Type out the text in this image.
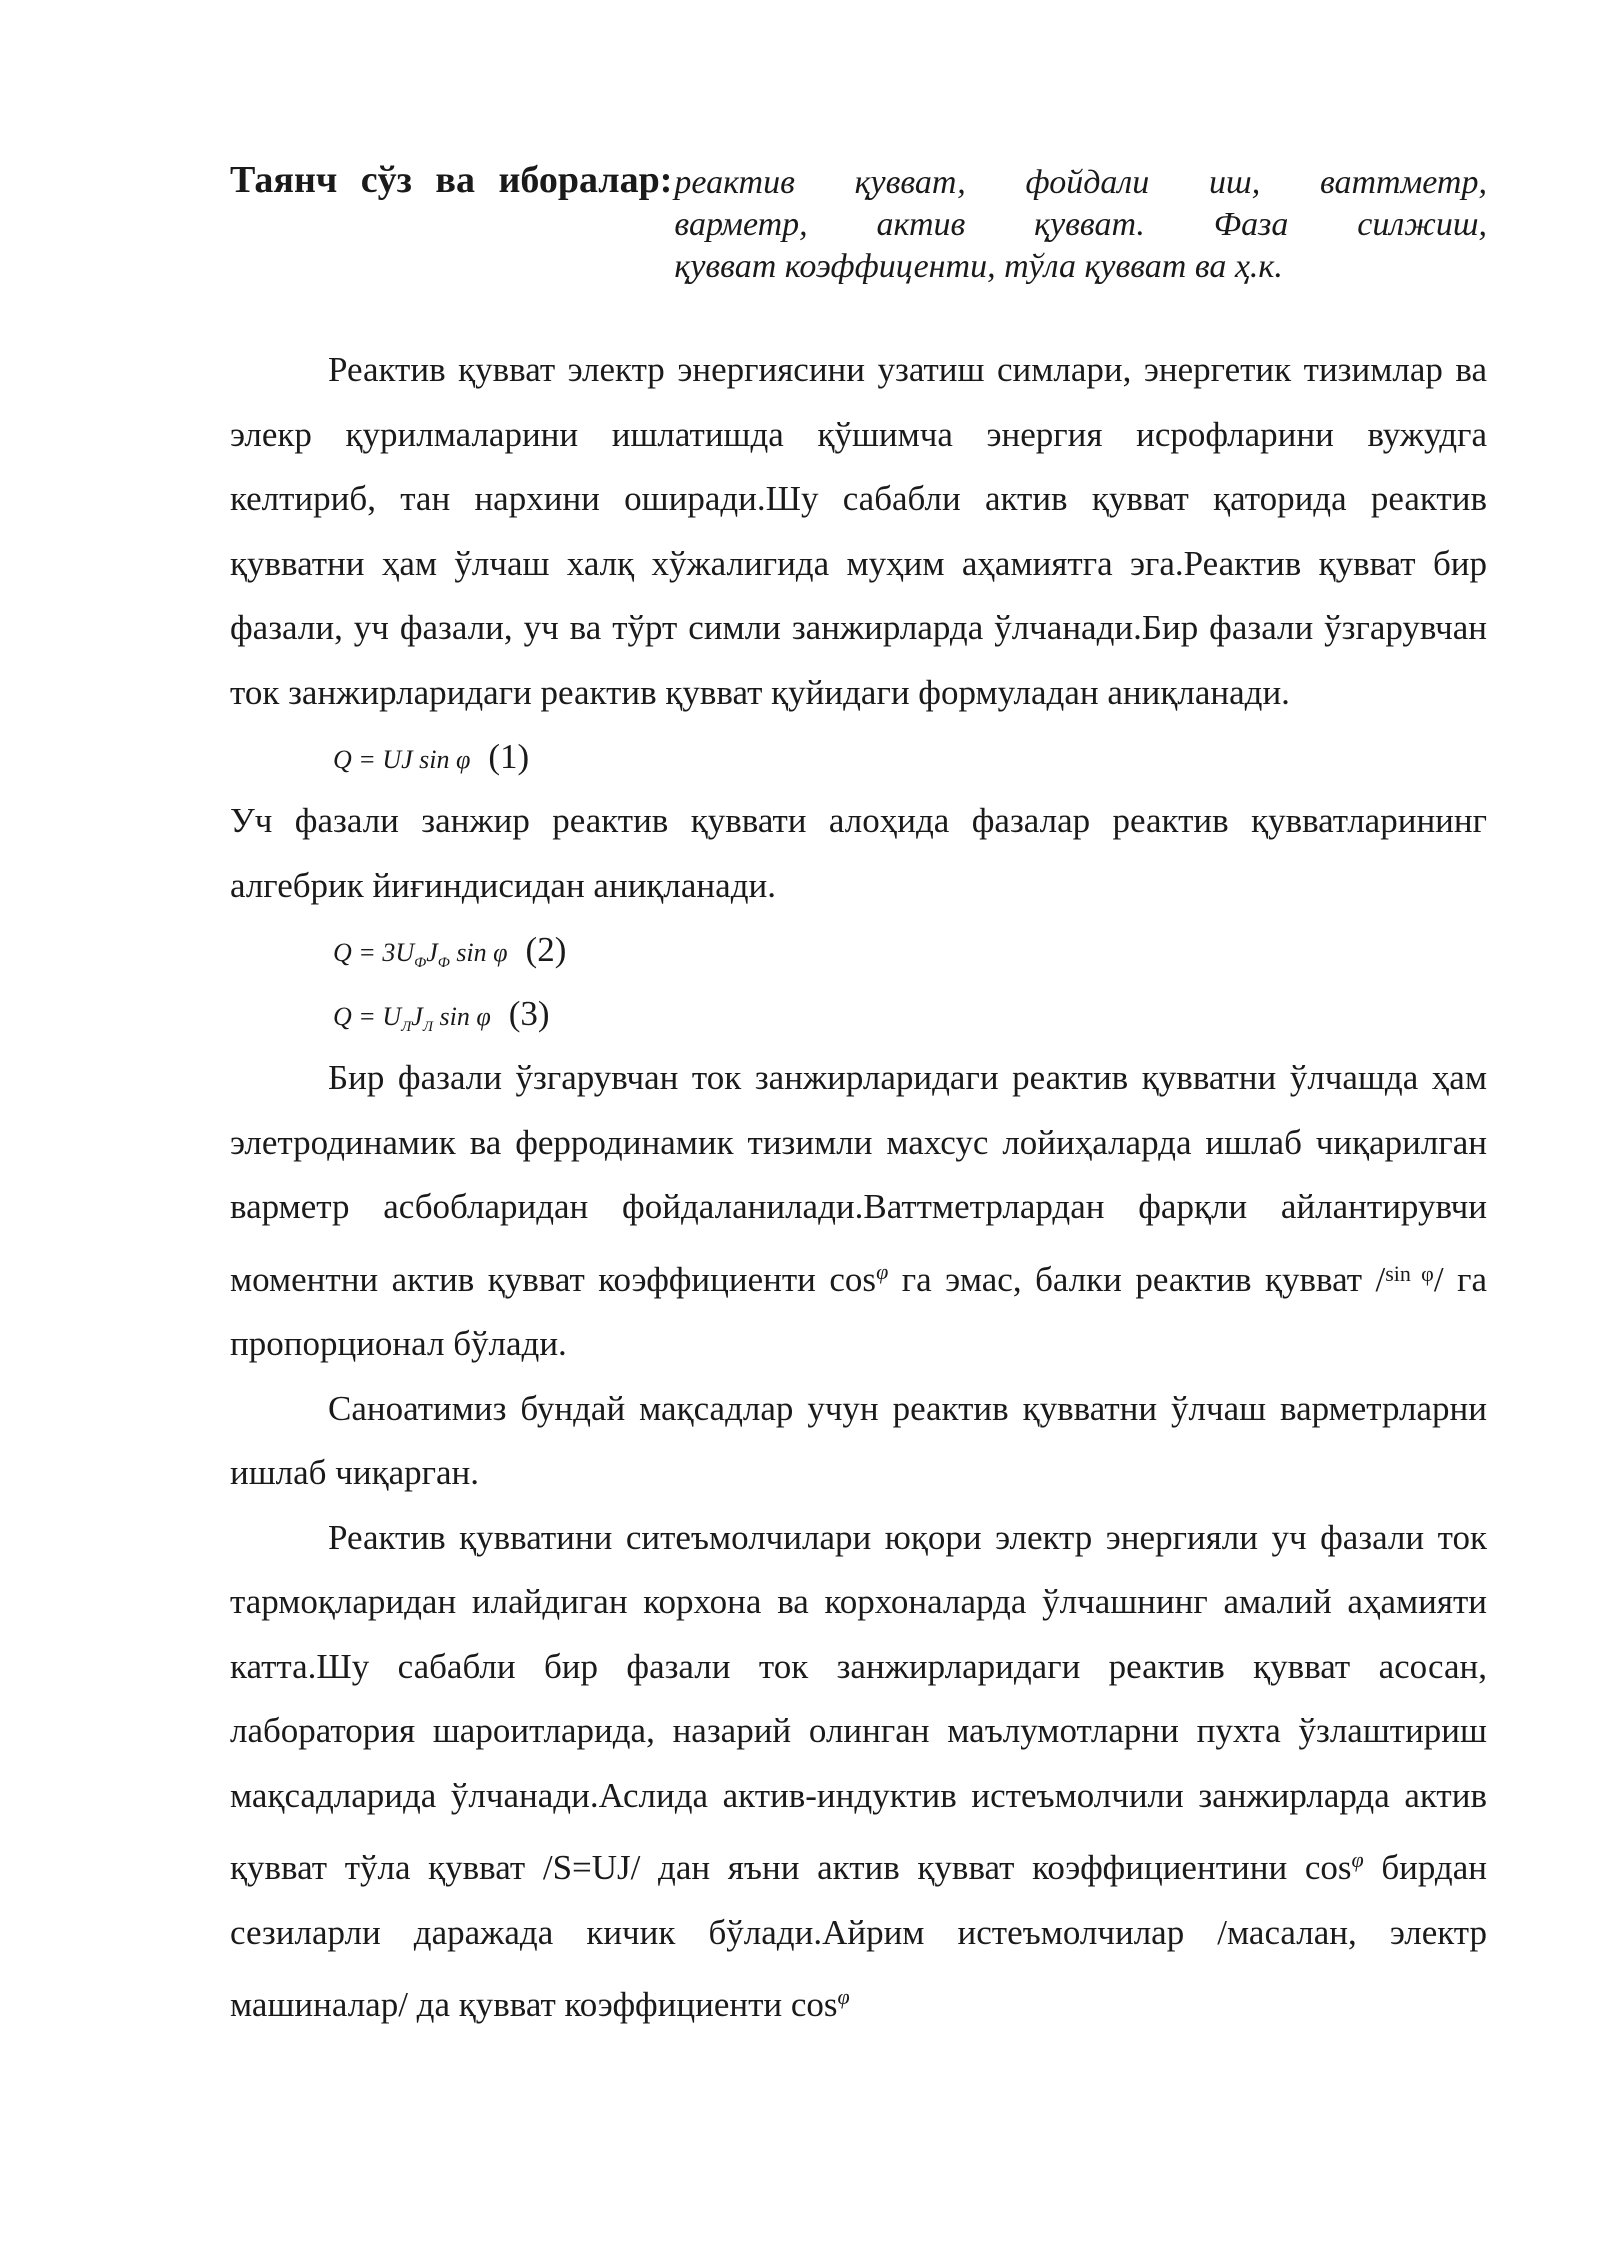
Таянч сўз ва иборалар: реактив қувват, фойдали иш, ваттметр,
варметр, актив қувват. Фаза силжиш,
қувват коэффиценти, тўла қувват ва ҳ.к.

Реактив қувват электр энергиясини узатиш симлари, энергетик тизимлар ва элекр қурилмаларини ишлатишда қўшимча энергия исрофларини вужудга келтириб, тан нархини оширади.Шу сабабли актив қувват қаторида реактив қувватни ҳам ўлчаш халқ хўжалигида муҳим аҳамиятга эга.Реактив қувват бир фазали, уч фазали, уч ва тўрт симли занжирларда ўлчанади.Бир фазали ўзгарувчан ток занжирларидаги реактив қувват қуйидаги формуладан аниқланади.

Q = UJ sin φ (1)

Уч фазали занжир реактив қуввати алоҳида фазалар реактив қувватларининг алгебрик йиғиндисидан аниқланади.

$Q = 3U_ФJ_Ф$ sin φ (2)
$Q = U_ЛJ_Л$ sin φ (3)

Бир фазали ўзгарувчан ток занжирларидаги реактив қувватни ўлчашда ҳам элетродинамик ва ферродинамик тизимли махсус лойиҳаларда ишлаб чиқарилган варметр асбобларидан фойдаланилади.Ваттметрлардан фарқли айлантирувчи моментни актив қувват коэффициенти $\cos^\varphi$ га эмас, балки реактив қувват /$^{sin \varphi}$/ га пропорционал бўлади.

Саноатимиз бундай мақсадлар учун реактив қувватни ўлчаш варметрларни ишлаб чиқарган.

Реактив қувватини ситеъмолчилари юқори электр энергияли уч фазали ток тармоқларидан илайдиган корхона ва корхоналарда ўлчашнинг амалий аҳамияти катта.Шу сабабли бир фазали ток занжирларидаги реактив қувват асосан, лаборатория шароитларида, назарий олинган маълумотларни пухта ўзлаштириш мақсадларида ўлчанади.Аслида актив-индуктив истеъмолчили занжирларда актив қувват тўла қувват /S=UJ/ дан яъни актив қувват коэффициентини $\cos^\varphi$ бирдан сезиларли даражада кичик бўлади.Айрим истеъмолчилар /масалан, электр машиналар/ да қувват коэффициенти $\cos^\varphi$
